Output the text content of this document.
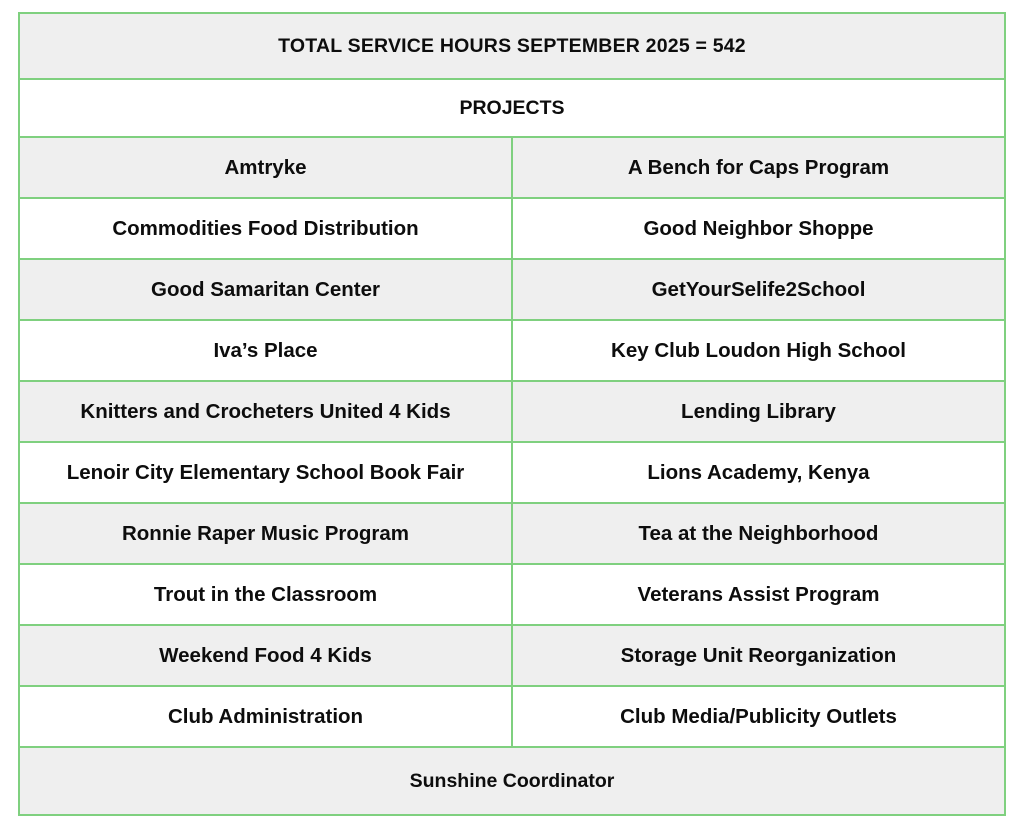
TOTAL SERVICE HOURS SEPTEMBER 2025 = 542	
PROJECTS	
Amtryke	A Bench for Caps Program
Commodities Food Distribution	Good Neighbor Shoppe
Good Samaritan Center	GetYourSelife2School
Iva’s Place	Key Club Loudon High School
Knitters and Crocheters United 4 Kids	Lending Library
Lenoir City Elementary School Book Fair	Lions Academy, Kenya
Ronnie Raper Music Program	Tea at the Neighborhood
Trout in the Classroom	Veterans Assist Program
Weekend Food 4 Kids	Storage Unit Reorganization
Club Administration	Club Media/Publicity Outlets
Sunshine Coordinator	
